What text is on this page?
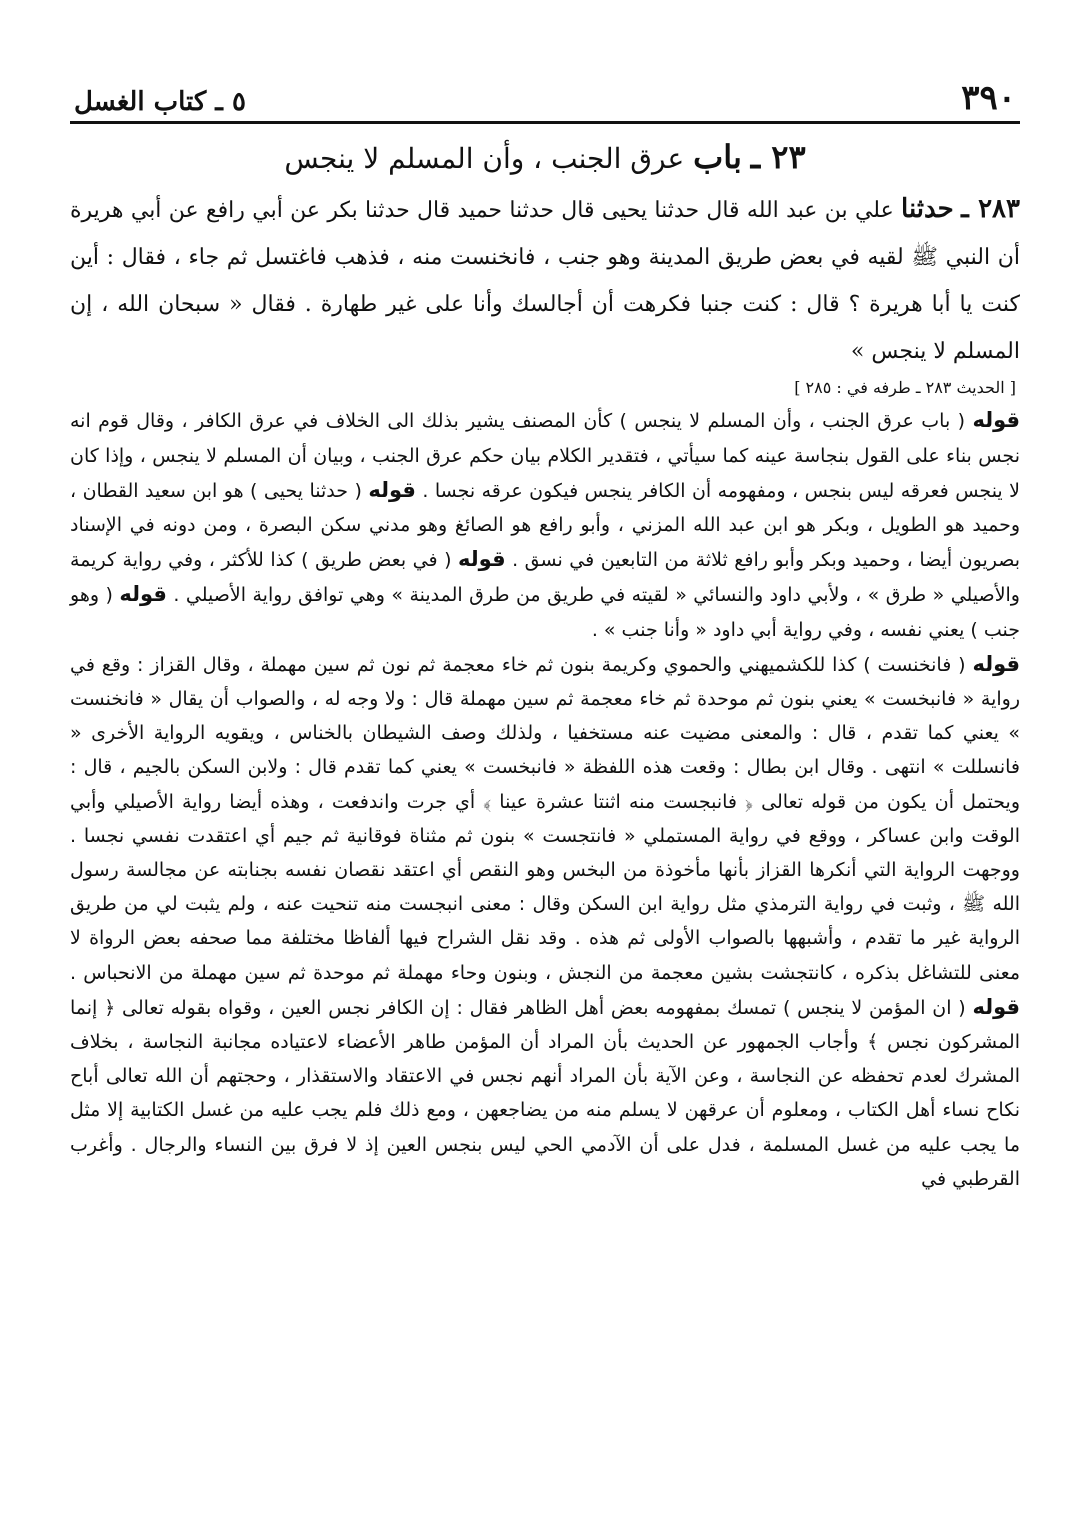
٣٩٠
٥ ـ كتاب الغسل
٢٣ ـ باب عرق الجنب ، وأن المسلم لا ينجس

٢٨٣ ـ حدثنا علي بن عبد الله قال حدثنا يحيى قال حدثنا حميد قال حدثنا بكر عن أبي رافع عن أبي هريرة أن النبي ﷺ لقيه في بعض طريق المدينة وهو جنب ، فانخنست منه ، فذهب فاغتسل ثم جاء ، فقال : أين كنت يا أبا هريرة ؟ قال : كنت جنبا فكرهت أن أجالسك وأنا على غير طهارة . فقال « سبحان الله ، إن المسلم لا ينجس »

[ الحديث ٢٨٣ ـ طرفه في : ٢٨٥ ]

قوله ( باب عرق الجنب ، وأن المسلم لا ينجس ) كأن المصنف يشير بذلك الى الخلاف في عرق الكافر ، وقال قوم انه نجس بناء على القول بنجاسة عينه كما سيأتي ، فتقدير الكلام بيان حكم عرق الجنب ، وبيان أن المسلم لا ينجس ، وإذا كان لا ينجس فعرقه ليس بنجس ، ومفهومه أن الكافر ينجس فيكون عرقه نجسا . قوله ( حدثنا يحيى ) هو ابن سعيد القطان ، وحميد هو الطويل ، وبكر هو ابن عبد الله المزني ، وأبو رافع هو الصائغ وهو مدني سكن البصرة ، ومن دونه في الإسناد بصريون أيضا ، وحميد وبكر وأبو رافع ثلاثة من التابعين في نسق . قوله ( في بعض طريق ) كذا للأكثر ، وفي رواية كريمة والأصيلي « طرق » ، ولأبي داود والنسائي « لقيته في طريق من طرق المدينة » وهي توافق رواية الأصيلي . قوله ( وهو جنب ) يعني نفسه ، وفي رواية أبي داود « وأنا جنب » .

قوله ( فانخنست ) كذا للكشميهني والحموي وكريمة بنون ثم خاء معجمة ثم نون ثم سين مهملة ، وقال القزاز : وقع في رواية « فانبخست » يعني بنون ثم موحدة ثم خاء معجمة ثم سين مهملة قال : ولا وجه له ، والصواب أن يقال « فانخنست » يعني كما تقدم ، قال : والمعنى مضيت عنه مستخفيا ، ولذلك وصف الشيطان بالخناس ، ويقويه الرواية الأخرى « فانسللت » انتهى . وقال ابن بطال : وقعت هذه اللفظة « فانبخست » يعني كما تقدم قال : ولابن السكن بالجيم ، قال : ويحتمل أن يكون من قوله تعالى ﴿ فانبجست منه اثنتا عشرة عينا ﴾ أي جرت واندفعت ، وهذه أيضا رواية الأصيلي وأبي الوقت وابن عساكر ، ووقع في رواية المستملي « فانتجست » بنون ثم مثناة فوقانية ثم جيم أي اعتقدت نفسي نجسا . ووجهت الرواية التي أنكرها القزاز بأنها مأخوذة من البخس وهو النقص أي اعتقد نقصان نفسه بجنابته عن مجالسة رسول الله ﷺ ، وثبت في رواية الترمذي مثل رواية ابن السكن وقال : معنى انبجست منه تنحيت عنه ، ولم يثبت لي من طريق الرواية غير ما تقدم ، وأشبهها بالصواب الأولى ثم هذه . وقد نقل الشراح فيها ألفاظا مختلفة مما صحفه بعض الرواة لا معنى للتشاغل بذكره ، كانتجشت بشين معجمة من النجش ، وبنون وحاء مهملة ثم موحدة ثم سين مهملة من الانحباس . قوله ( ان المؤمن لا ينجس ) تمسك بمفهومه بعض أهل الظاهر فقال : إن الكافر نجس العين ، وقواه بقوله تعالى ﴿ إنما المشركون نجس ﴾ وأجاب الجمهور عن الحديث بأن المراد أن المؤمن طاهر الأعضاء لاعتياده مجانبة النجاسة ، بخلاف المشرك لعدم تحفظه عن النجاسة ، وعن الآية بأن المراد أنهم نجس في الاعتقاد والاستقذار ، وحجتهم أن الله تعالى أباح نكاح نساء أهل الكتاب ، ومعلوم أن عرقهن لا يسلم منه من يضاجعهن ، ومع ذلك فلم يجب عليه من غسل الكتابية إلا مثل ما يجب عليه من غسل المسلمة ، فدل على أن الآدمي الحي ليس بنجس العين إذ لا فرق بين النساء والرجال . وأغرب القرطبي في
